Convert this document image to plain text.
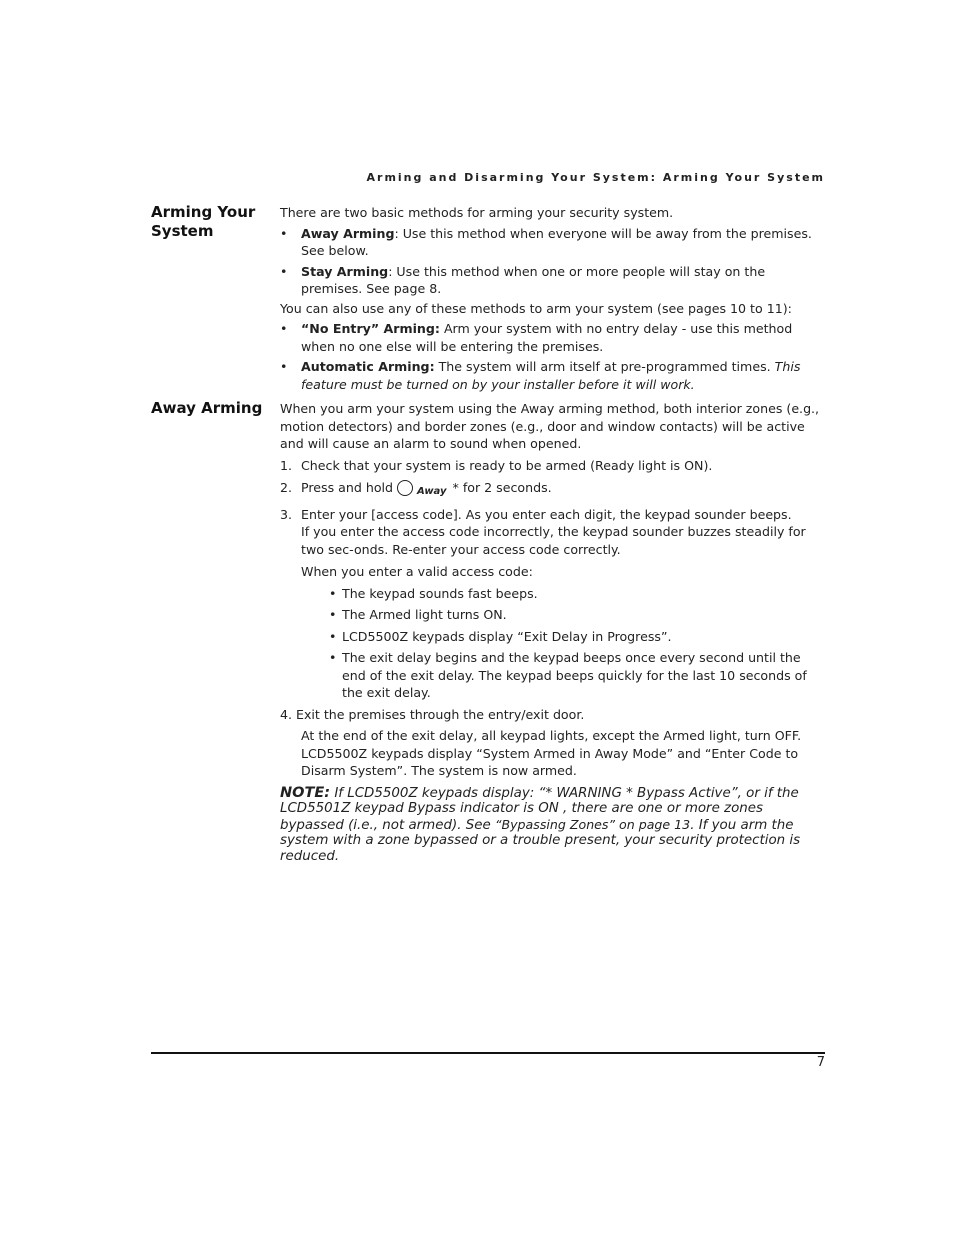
Arming and Disarming Your System: Arming Your System
Arming Your System

There are two basic methods for arming your security system.

•	Away Arming: Use this method when everyone will be away from the premises. See below.
•	Stay Arming: Use this method when one or more people will stay on the premises. See page 8.

You can also use any of these methods to arm your system (see pages 10 to 11):

•	“No Entry” Arming: Arm your system with no entry delay - use this method when no one else will be entering the premises.
•	Automatic Arming: The system will arm itself at pre-programmed times. This feature must be turned on by your installer before it will work.
Away Arming	When you arm your system using the Away arming method, both interior zones (e.g., motion detectors) and border zones (e.g., door and window contacts) will be active and will cause an alarm to sound when opened.

1. Check that your system is ready to be armed (Ready light is ON).
2. Press and hold Away * for 2 seconds.
3. Enter your [access code]. As you enter each digit, the keypad sounder beeps.

If you enter the access code incorrectly, the keypad sounder buzzes steadily for two sec-onds. Re-enter your access code correctly.

When you enter a valid access code:

• The keypad sounds fast beeps.
• The Armed light turns ON.
• LCD5500Z keypads display “Exit Delay in Progress”.
• The exit delay begins and the keypad beeps once every second until the end of the exit delay. The keypad beeps quickly for the last 10 seconds of the exit delay.

4. Exit the premises through the entry/exit door.

At the end of the exit delay, all keypad lights, except the Armed light, turn OFF. LCD5500Z keypads display “System Armed in Away Mode” and “Enter Code to Disarm System”. The system is now armed.

NOTE: If LCD5500Z keypads display: “* WARNING * Bypass Active”, or if the LCD5501Z keypad Bypass indicator is ON , there are one or more zones bypassed (i.e., not armed). See “Bypassing Zones” on page 13. If you arm the system with a zone bypassed or a trouble present, your security protection is reduced.

7
